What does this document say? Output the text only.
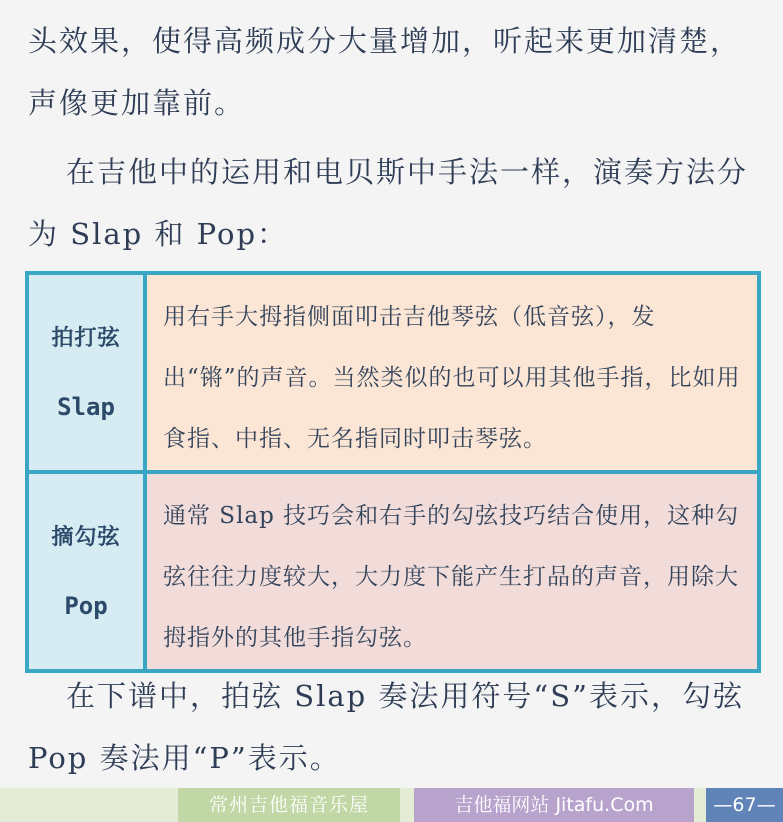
头效果，使得高频成分大量增加，听起来更加清楚，声像更加靠前。

在吉他中的运用和电贝斯中手法一样，演奏方法分为 Slap 和 Pop：

拍打弦
Slap	用右手大拇指侧面叩击吉他琴弦（低音弦），发出“锵”的声音。当然类似的也可以用其他手指，比如用食指、中指、无名指同时叩击琴弦。

摘勾弦
Pop	通常 Slap 技巧会和右手的勾弦技巧结合使用，这种勾弦往往力度较大，大力度下能产生打品的声音，用除大拇指外的其他手指勾弦。

在下谱中，拍弦 Slap 奏法用符号“S”表示，勾弦 Pop 奏法用“P”表示。

常州吉他福音乐屋	吉他福网站 Jitafu.Com	—67—
